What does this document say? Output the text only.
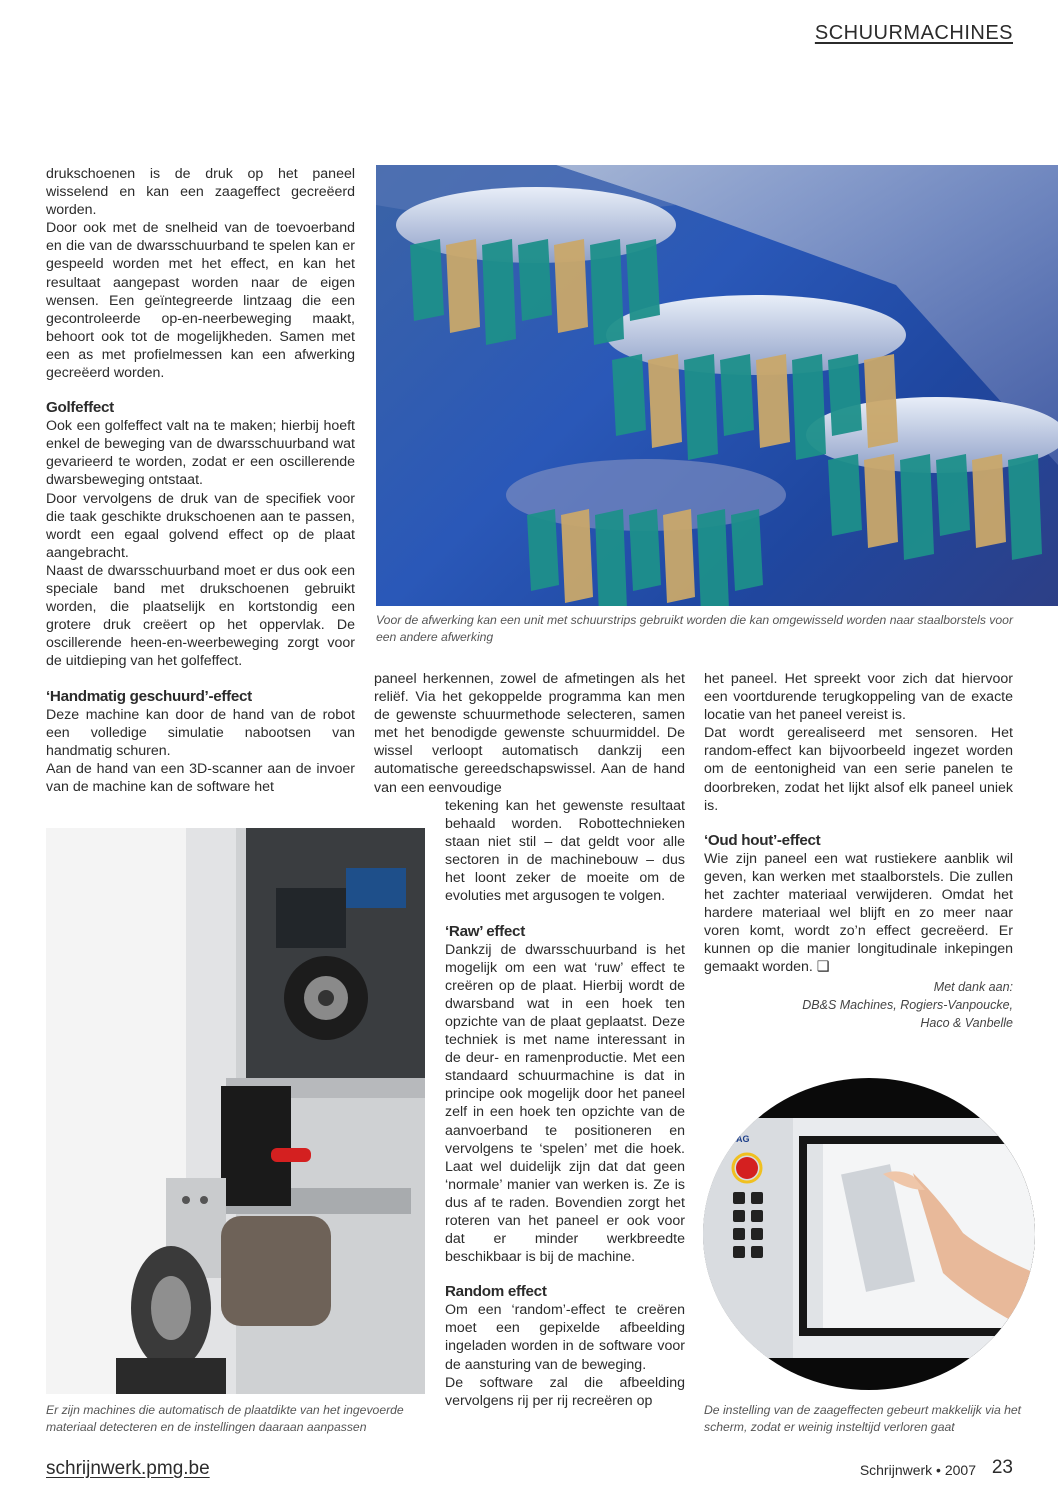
SCHUURMACHINES

drukschoenen is de druk op het paneel wisselend en kan een zaageffect gecreëerd worden.

Door ook met de snelheid van de toevoerband en die van de dwarsschuurband te spelen kan er gespeeld worden met het effect, en kan het resultaat aangepast worden naar de eigen wensen. Een geïntegreerde lintzaag die een gecontroleerde op-en-neerbeweging maakt, behoort ook tot de mogelijkheden. Samen met een as met profielmessen kan een afwerking gecreëerd worden.

Golfeffect

Ook een golfeffect valt na te maken; hierbij hoeft enkel de beweging van de dwarsschuurband wat gevarieerd te worden, zodat er een oscillerende dwarsbeweging ontstaat.

Door vervolgens de druk van de specifiek voor die taak geschikte drukschoenen aan te passen, wordt een egaal golvend effect op de plaat aangebracht.

Naast de dwarsschuurband moet er dus ook een speciale band met drukschoenen gebruikt worden, die plaatselijk en kortstondig een grotere druk creëert op het oppervlak. De oscillerende heen-en-weerbeweging zorgt voor de uitdieping van het golfeffect.

‘Handmatig geschuurd’-effect

Deze machine kan door de hand van de robot een volledige simulatie nabootsen van handmatig schuren.

Aan de hand van een 3D-scanner aan de invoer van de machine kan de software het

Voor de afwerking kan een unit met schuurstrips gebruikt worden die kan omgewisseld worden naar staalborstels voor een andere afwerking

paneel herkennen, zowel de afmetingen als het reliëf. Via het gekoppelde programma kan men de gewenste schuurmethode selecteren, samen met het benodigde gewenste schuurmiddel. De wissel verloopt automatisch dankzij een automatische gereedschapswissel. Aan de hand van een eenvoudige

tekening kan het gewenste resultaat behaald worden. Robottechnieken staan niet stil – dat geldt voor alle sectoren in de machinebouw – dus het loont zeker de moeite om de evoluties met argusogen te volgen.

‘Raw’ effect

Dankzij de dwarsschuurband is het mogelijk om een wat ‘ruw’ effect te creëren op de plaat. Hierbij wordt de dwarsband wat in een hoek ten opzichte van de plaat geplaatst. Deze techniek is met name interessant in de deur- en ramenproductie. Met een standaard schuurmachine is dat in principe ook mogelijk door het paneel zelf in een hoek ten opzichte van de aanvoerband te positioneren en vervolgens te ‘spelen’ met die hoek. Laat wel duidelijk zijn dat dat geen ‘normale’ manier van werken is. Ze is dus af te raden. Bovendien zorgt het roteren van het paneel er ook voor dat er minder werkbreedte beschikbaar is bij de machine.

Random effect

Om een ‘random’-effect te creëren moet een gepixelde afbeelding ingeladen worden in de software voor de aansturing van de beweging.

De software zal die afbeelding vervolgens rij per rij recreëren op

het paneel. Het spreekt voor zich dat hiervoor een voortdurende terugkoppeling van de exacte locatie van het paneel vereist is.

Dat wordt gerealiseerd met sensoren. Het random-effect kan bijvoorbeeld ingezet worden om de eentonigheid van een serie panelen te doorbreken, zodat het lijkt alsof elk paneel uniek is.

‘Oud hout’-effect

Wie zijn paneel een wat rustiekere aanblik wil geven, kan werken met staalborstels. Die zullen het zachter materiaal verwijderen. Omdat het hardere materiaal wel blijft en zo meer naar voren komt, wordt zo’n effect gecreëerd. Er kunnen op die manier longitudinale inkepingen gemaakt worden. ❑

Met dank aan:
DB&S Machines, Rogiers-Vanpoucke,
Haco & Vanbelle
Er zijn machines die automatisch de plaatdikte van het ingevoerde materiaal detecteren en de instellingen daaraan aanpassen
HOMAG
De instelling van de zaageffecten gebeurt makkelijk via het scherm, zodat er weinig insteltijd verloren gaat
schrijnwerk.pmg.be	Schrijnwerk • 2007 23
